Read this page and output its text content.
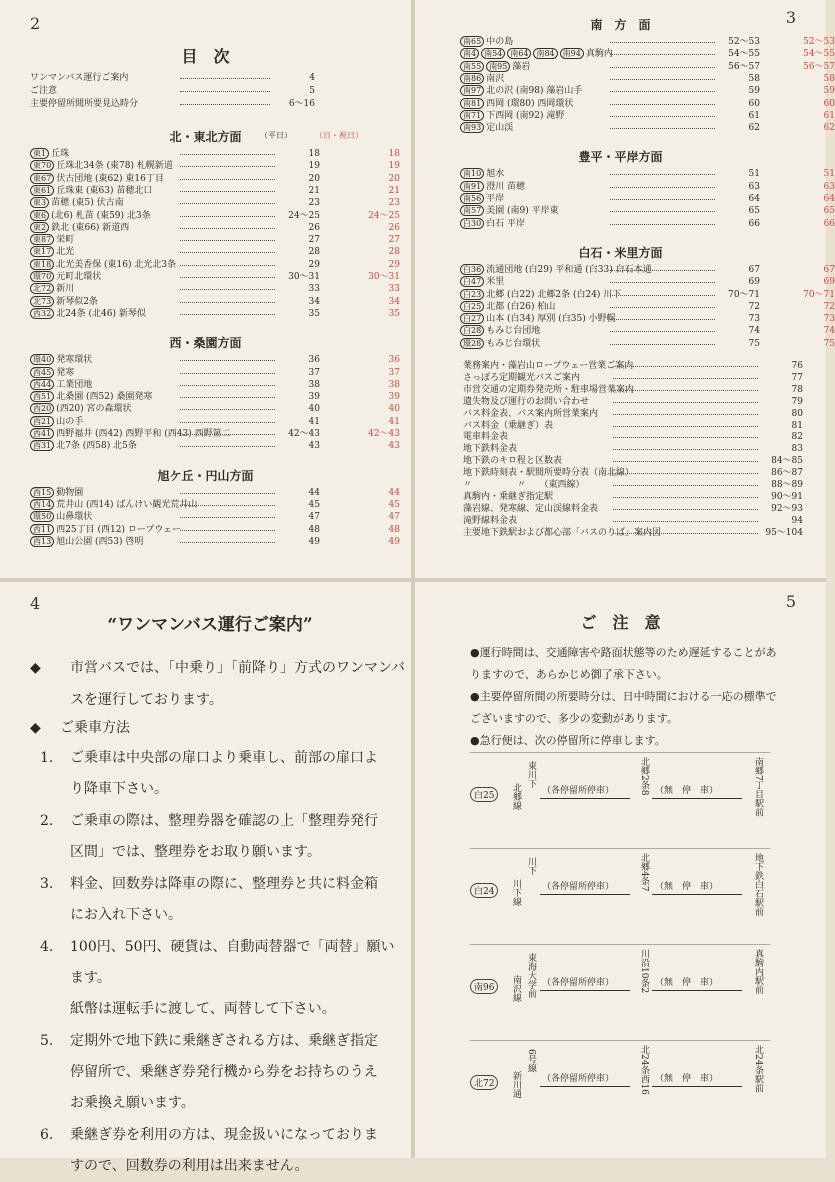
2
目　次
ワンマンバス運行ご案内	4
ご注意	5
主要停留所間所要見込時分	6～16
北・東北方面	（平日）	（日・祝日）
東1 丘珠	18	18
東70 丘珠北34条 (東78) 札幌新道	19	19
東67 伏古団地 (東62) 東16丁目	20	20
東61 丘珠東 (東63) 苗穂北口	21	21
東3 苗穂 (東5) 伏古南	23	23
東6 (北6) 札苗 (東59) 北3条	24～25	24～25
東2 鉄北 (東66) 新道西	26	26
東87 栄町	27	27
東17 北光	28	28
東18 北光美香保 (東16) 北光北3条	29	29
環70 元町北環状	30～31	30～31
北72 新川	33	33
北73 新琴似2条	34	34
西32 北24条 (北46) 新琴似	35	35
西・桑園方面
環40 発寒環状	36	36
西45 発寒	37	37
西44 工業団地	38	38
西51 北桑園 (西52) 桑園発寒	39	39
西20 (西20) 宮の森環状	40	40
西21 山の手	41	41
西41 西野福井 (西42) 西野平和 (西43) 西野第二	42～43	42～43
西31 北7条 (西58) 北5条	43	43
旭ケ丘・円山方面
西15 動物園	44	44
西14 荒井山 (西14) ばんけい観光荒井山	45	45
環50 山鼻環状	47	47
西11 西25丁目 (西12) ロープウェー	48	48
西13 旭山公園 (西53) 啓明	49	49
3
南　方　面
南65 中の島	52～53	52～53
南4 南54 南64 南84 南94 真駒内	54～55	54～55
南55 南95 藻岩	56～57	56～57
南86 南沢	58	58
南97 北の沢 (南98) 藻岩山手	59	59
南81 西岡 (環80) 西岡環状	60	60
南71 下西岡 (南92) 滝野	61	61
南93 定山渓	62	62
豊平・平岸方面
南10 旭水	51	51
南91 澄川 苗穂	63	63
南56 平岸	64	64
南57 美園 (南9) 平岸東	65	65
白30 白石 平岸	66	66
白石・米里方面
白36 流通団地 (白29) 平和通 (白33) 白石本通	67	67
白47 米里	69	69
白23 北郷 (白22) 北郷2条 (白24) 川下	70～71	70～71
白25 北都 (白26) 柏山	72	72
白27 山本 (白34) 厚別 (白35) 小野幌	73	73
白28 もみじ台団地	74	74
環28 もみじ台環状	75	75
業務案内・藻岩山ロープウェー営業ご案内	76
さっぽろ定期観光バスご案内	77
市営交通の定期券発売所・駐車場営業案内	78
遺失物及び運行のお問い合わせ	79
バス料金表、バス案内所営業案内	80
バス料金（乗継ぎ）表	81
電車料金表	82
地下鉄料金表	83
地下鉄のキロ程と区数表	84～85
地下鉄時刻表・駅間所要時分表（南北線）	86～87
〃　　　　　〃　　（東西線）	88～89
真駒内・乗継ぎ指定駅	90～91
藻岩線、発寒線、定山渓線料金表	92～93
滝野線料金表	94
主要地下鉄駅および都心部「バスのりば」案内図	95～104
4
“ワンマンバス運行ご案内”
◆ 市営バスでは、「中乗り」「前降り」方式のワンマンバ
スを運行しております。
◆ ご乗車方法
1. ご乗車は中央部の扉口より乗車し、前部の扉口よ
り降車下さい。
2. ご乗車の際は、整理券器を確認の上「整理券発行
区間」では、整理券をお取り願います。
3. 料金、回数券は降車の際に、整理券と共に料金箱
にお入れ下さい。
4. 100円、50円、硬貨は、自動両替器で「両替」願い
ます。
紙幣は運転手に渡して、両替して下さい。
5. 定期外で地下鉄に乗継ぎされる方は、乗継ぎ指定
停留所で、乗継ぎ券発行機から券をお持ちのうえ
お乗換え願います。
6. 乗継ぎ券を利用の方は、現金扱いになっておりま
すので、回数券の利用は出来ません。
5
ご　注　意
●運行時間は、交通障害や路面状態等のため遅延することがあ
りますので、あらかじめ御了承下さい。
●主要停留所間の所要時分は、日中時間における一応の標準で
ございますので、多少の変動があります。
●急行便は、次の停留所に停車します。
白25
東川下
北郷線 （各停留所停車）	北郷2条8 （無　停　車）	南郷7丁目駅前
白24
川下
川下線 （各停留所停車）	北郷4条7 （無　停　車）	地下鉄白石駅前
南96	東海大学前
南沢線 （各停留所停車）	川沿10条2 （無　停　車）	真駒内駅前
北72
6号線
新川通 （各停留所停車）	北24条西16 （無　停　車）	北24条駅前
